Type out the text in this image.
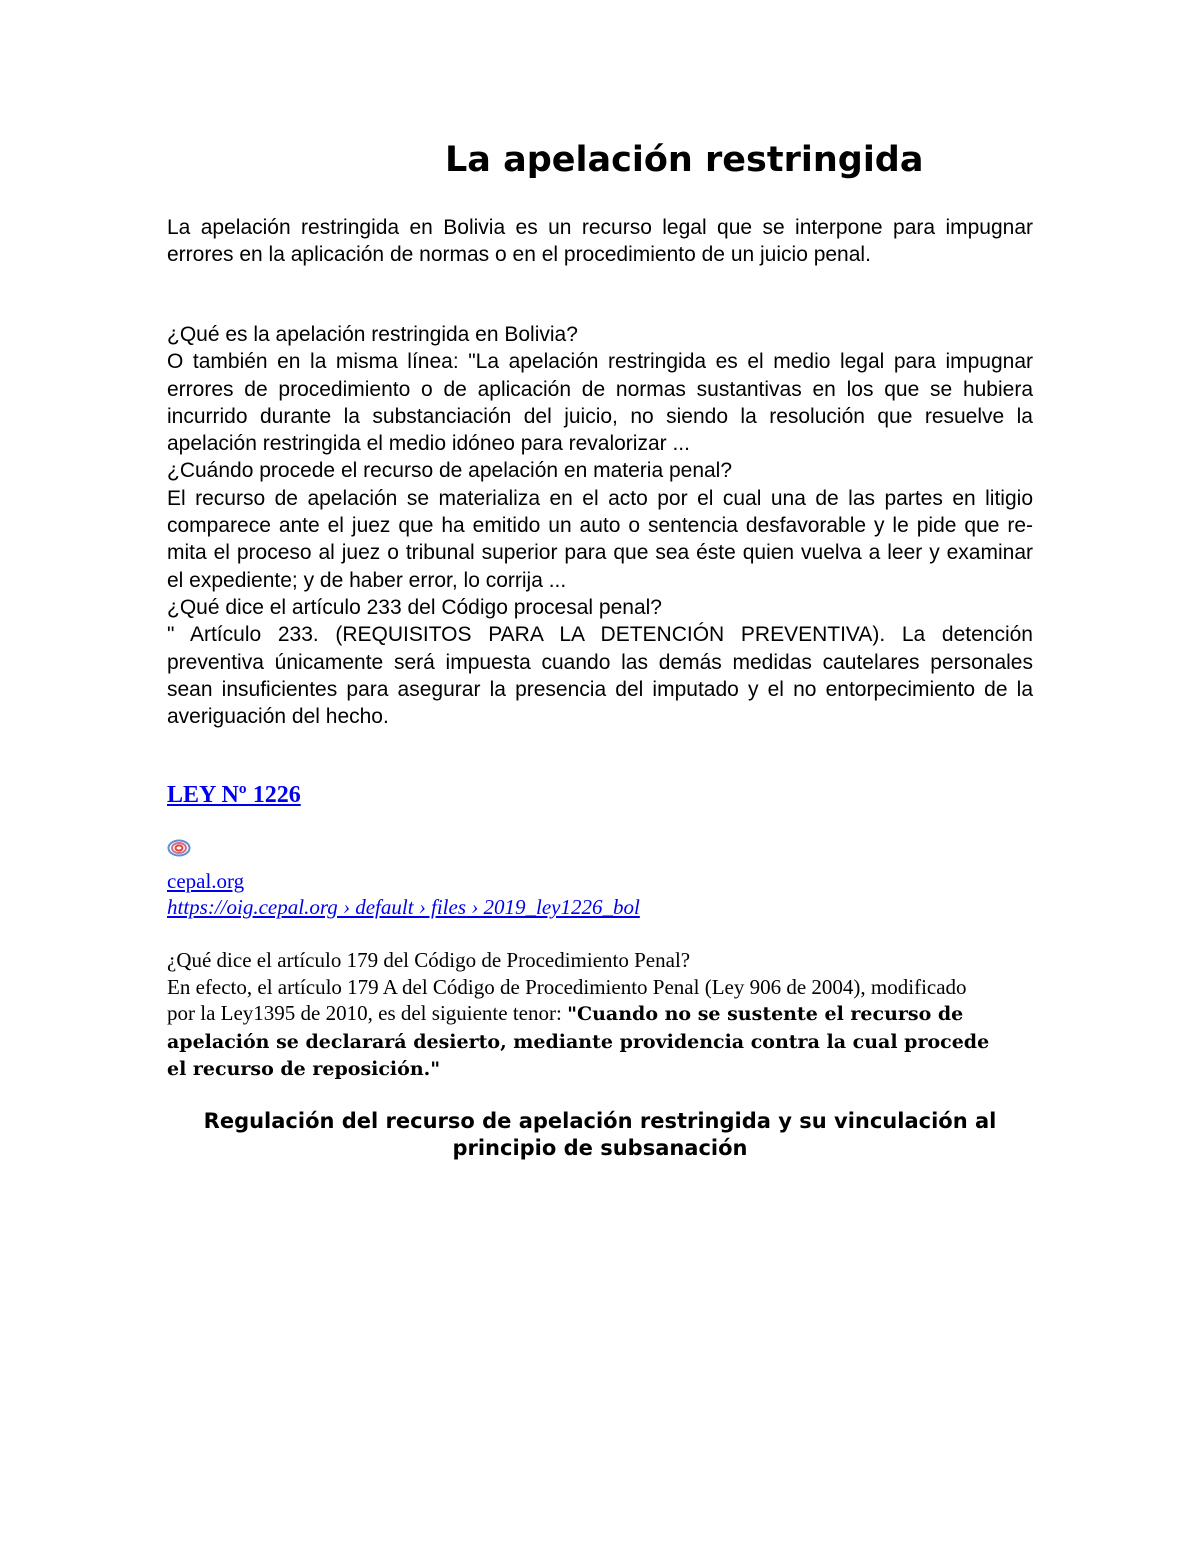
La apelación restringida

La apelación restringida en Bolivia es un recurso legal que se interpone para impugnar errores en la aplicación de normas o en el procedimiento de un juicio penal.

¿Qué es la apelación restringida en Bolivia?

O también en la misma línea: "La apelación restringida es el medio legal para impugnar errores de procedimiento o de aplicación de normas sustantivas en los que se hubiera incurrido durante la substanciación del juicio, no siendo la resolución que resuelve la apelación restringida el medio idóneo para revalorizar ...

¿Cuándo procede el recurso de apelación en materia penal?

El recurso de apelación se materializa en el acto por el cual una de las partes en litigio comparece ante el juez que ha emitido un auto o sentencia desfavorable y le pide que re- mita el proceso al juez o tribunal superior para que sea éste quien vuelva a leer y examinar el expediente; y de haber error, lo corrija ...

¿Qué dice el artículo 233 del Código procesal penal?

" Artículo 233. (REQUISITOS PARA LA DETENCIÓN PREVENTIVA). La detención preventiva únicamente será impuesta cuando las demás medidas cautelares personales sean insuficientes para asegurar la presencia del imputado y el no entorpecimiento de la averiguación del hecho.

LEY Nº 1226
cepal.org
https://oig.cepal.org › default › files › 2019_ley1226_bol

¿Qué dice el artículo 179 del Código de Procedimiento Penal?

En efecto, el artículo 179 A del Código de Procedimiento Penal (Ley 906 de 2004), modificado por la Ley1395 de 2010, es del siguiente tenor: "Cuando no se sustente el recurso de apelación se declarará desierto, mediante providencia contra la cual procede el recurso de reposición."

Regulación del recurso de apelación restringida y su vinculación al principio de subsanación
